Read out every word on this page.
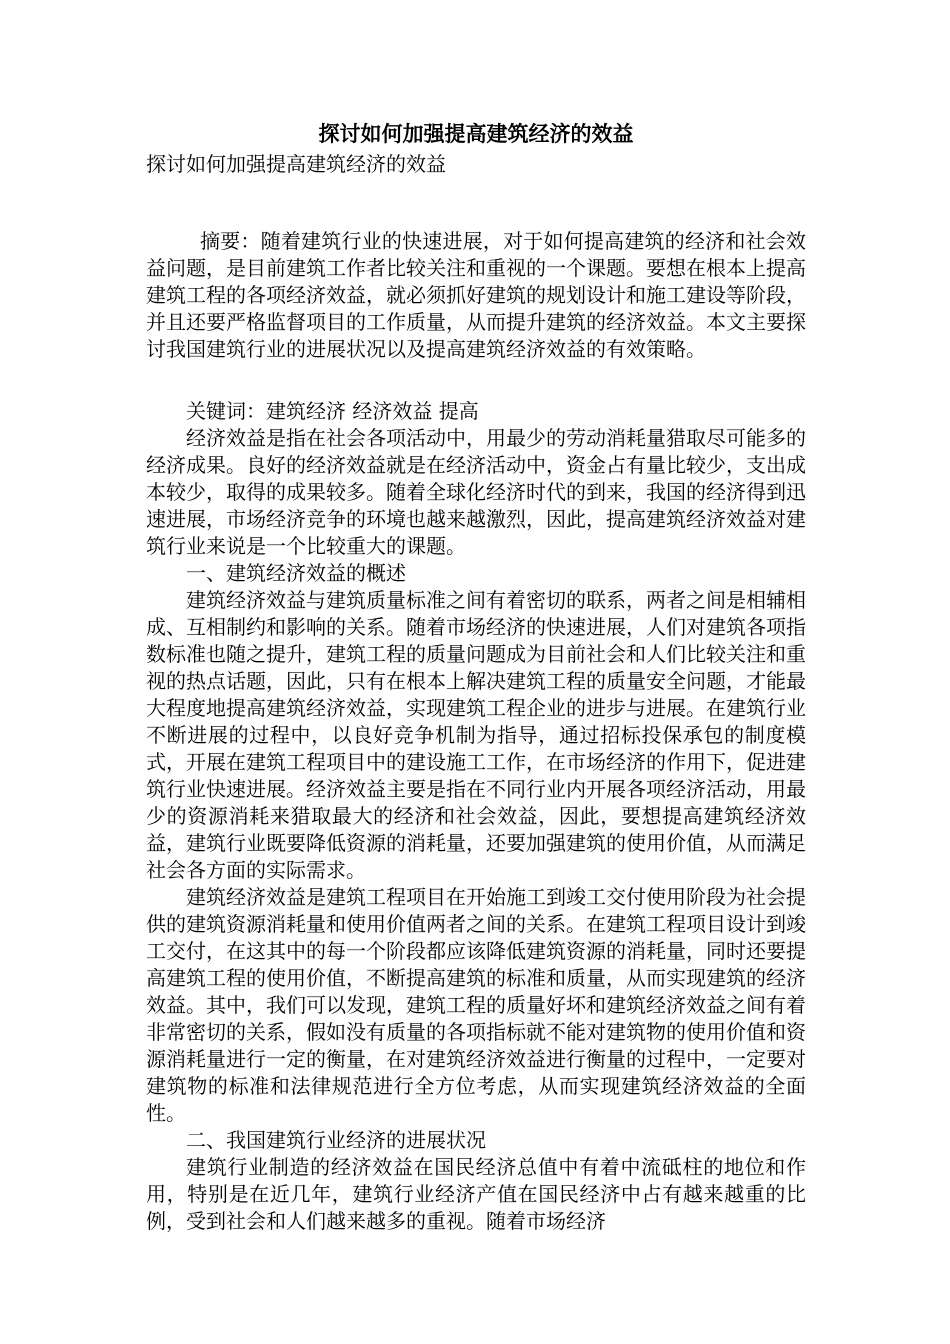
探讨如何加强提高建筑经济的效益

探讨如何加强提高建筑经济的效益

摘要：随着建筑行业的快速进展，对于如何提高建筑的经济和社会效益问题，是目前建筑工作者比较关注和重视的一个课题。要想在根本上提高建筑工程的各项经济效益，就必须抓好建筑的规划设计和施工建设等阶段，并且还要严格监督项目的工作质量，从而提升建筑的经济效益。本文主要探讨我国建筑行业的进展状况以及提高建筑经济效益的有效策略。

关键词：建筑经济 经济效益 提高

经济效益是指在社会各项活动中，用最少的劳动消耗量猎取尽可能多的经济成果。良好的经济效益就是在经济活动中，资金占有量比较少，支出成本较少，取得的成果较多。随着全球化经济时代的到来，我国的经济得到迅速进展，市场经济竞争的环境也越来越激烈，因此，提高建筑经济效益对建筑行业来说是一个比较重大的课题。

一、建筑经济效益的概述

建筑经济效益与建筑质量标准之间有着密切的联系，两者之间是相辅相成、互相制约和影响的关系。随着市场经济的快速进展，人们对建筑各项指数标准也随之提升，建筑工程的质量问题成为目前社会和人们比较关注和重视的热点话题，因此，只有在根本上解决建筑工程的质量安全问题，才能最大程度地提高建筑经济效益，实现建筑工程企业的进步与进展。在建筑行业不断进展的过程中，以良好竞争机制为指导，通过招标投保承包的制度模式，开展在建筑工程项目中的建设施工工作，在市场经济的作用下，促进建筑行业快速进展。经济效益主要是指在不同行业内开展各项经济活动，用最少的资源消耗来猎取最大的经济和社会效益，因此，要想提高建筑经济效益，建筑行业既要降低资源的消耗量，还要加强建筑的使用价值，从而满足社会各方面的实际需求。

建筑经济效益是建筑工程项目在开始施工到竣工交付使用阶段为社会提供的建筑资源消耗量和使用价值两者之间的关系。在建筑工程项目设计到竣工交付，在这其中的每一个阶段都应该降低建筑资源的消耗量，同时还要提高建筑工程的使用价值，不断提高建筑的标准和质量，从而实现建筑的经济效益。其中，我们可以发现，建筑工程的质量好坏和建筑经济效益之间有着非常密切的关系，假如没有质量的各项指标就不能对建筑物的使用价值和资源消耗量进行一定的衡量，在对建筑经济效益进行衡量的过程中，一定要对建筑物的标准和法律规范进行全方位考虑，从而实现建筑经济效益的全面性。

二、我国建筑行业经济的进展状况

建筑行业制造的经济效益在国民经济总值中有着中流砥柱的地位和作用，特别是在近几年，建筑行业经济产值在国民经济中占有越来越重的比例，受到社会和人们越来越多的重视。随着市场经济
